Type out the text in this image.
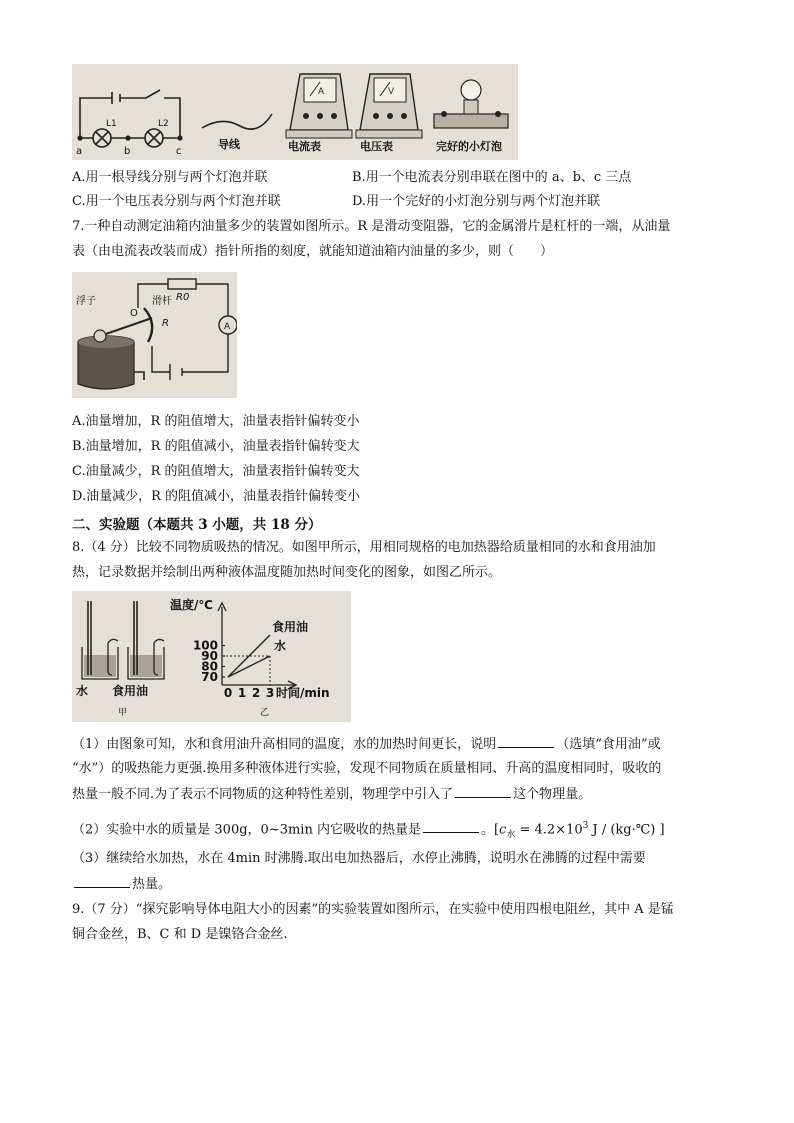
A	V
L1	L2
a	b	c
导线	电流表	电压表	完好的小灯泡
A.用一根导线分别与两个灯泡并联	B.用一个电流表分别串联在图中的 a、b、c 三点
C.用一个电压表分别与两个灯泡并联	D.用一个完好的小灯泡分别与两个灯泡并联
7.一种自动测定油箱内油量多少的装置如图所示。R 是滑动变阻器，它的金属滑片是杠杆的一端，从油量
表（由电流表改装而成）指针所指的刻度，就能知道油箱内油量的多少，则（　　）
浮子
O
滑杆
R
R0
A
A.油量增加，R 的阻值增大，油量表指针偏转变小
B.油量增加，R 的阻值减小，油量表指针偏转变大
C.油量减少，R 的阻值增大，油量表指针偏转变大
D.油量减少，R 的阻值减小，油量表指针偏转变小
二、实验题（本题共 3 小题，共 18 分）
8.（4 分）比较不同物质吸热的情况。如图甲所示，用相同规格的电加热器给质量相同的水和食用油加
热，记录数据并绘制出两种液体温度随加热时间变化的图象，如图乙所示。
70
80
90
100
0 1 2 3
食用油
水
水 食用油
甲	乙
温度/℃
时间/min
（1）由图象可知，水和食用油升高相同的温度，水的加热时间更长，说明	（选填“食用油”或
“水”）的吸热能力更强.换用多种液体进行实验，发现不同物质在质量相同、升高的温度相同时，吸收的
热量一般不同.为了表示不同物质的这种特性差别，物理学中引入了	这个物理量。
（2）实验中水的质量是 300g，0~3min 内它吸收的热量是	。[$c_水 = 4.2\times 10^3$ J / (kg·℃) ]
（3）继续给水加热，水在 4min 时沸腾.取出电加热器后，水停止沸腾，说明水在沸腾的过程中需要
热量。
9.（7 分）“探究影响导体电阻大小的因素”的实验装置如图所示，在实验中使用四根电阻丝，其中 A 是锰
铜合金丝，B、C 和 D 是镍铬合金丝.
